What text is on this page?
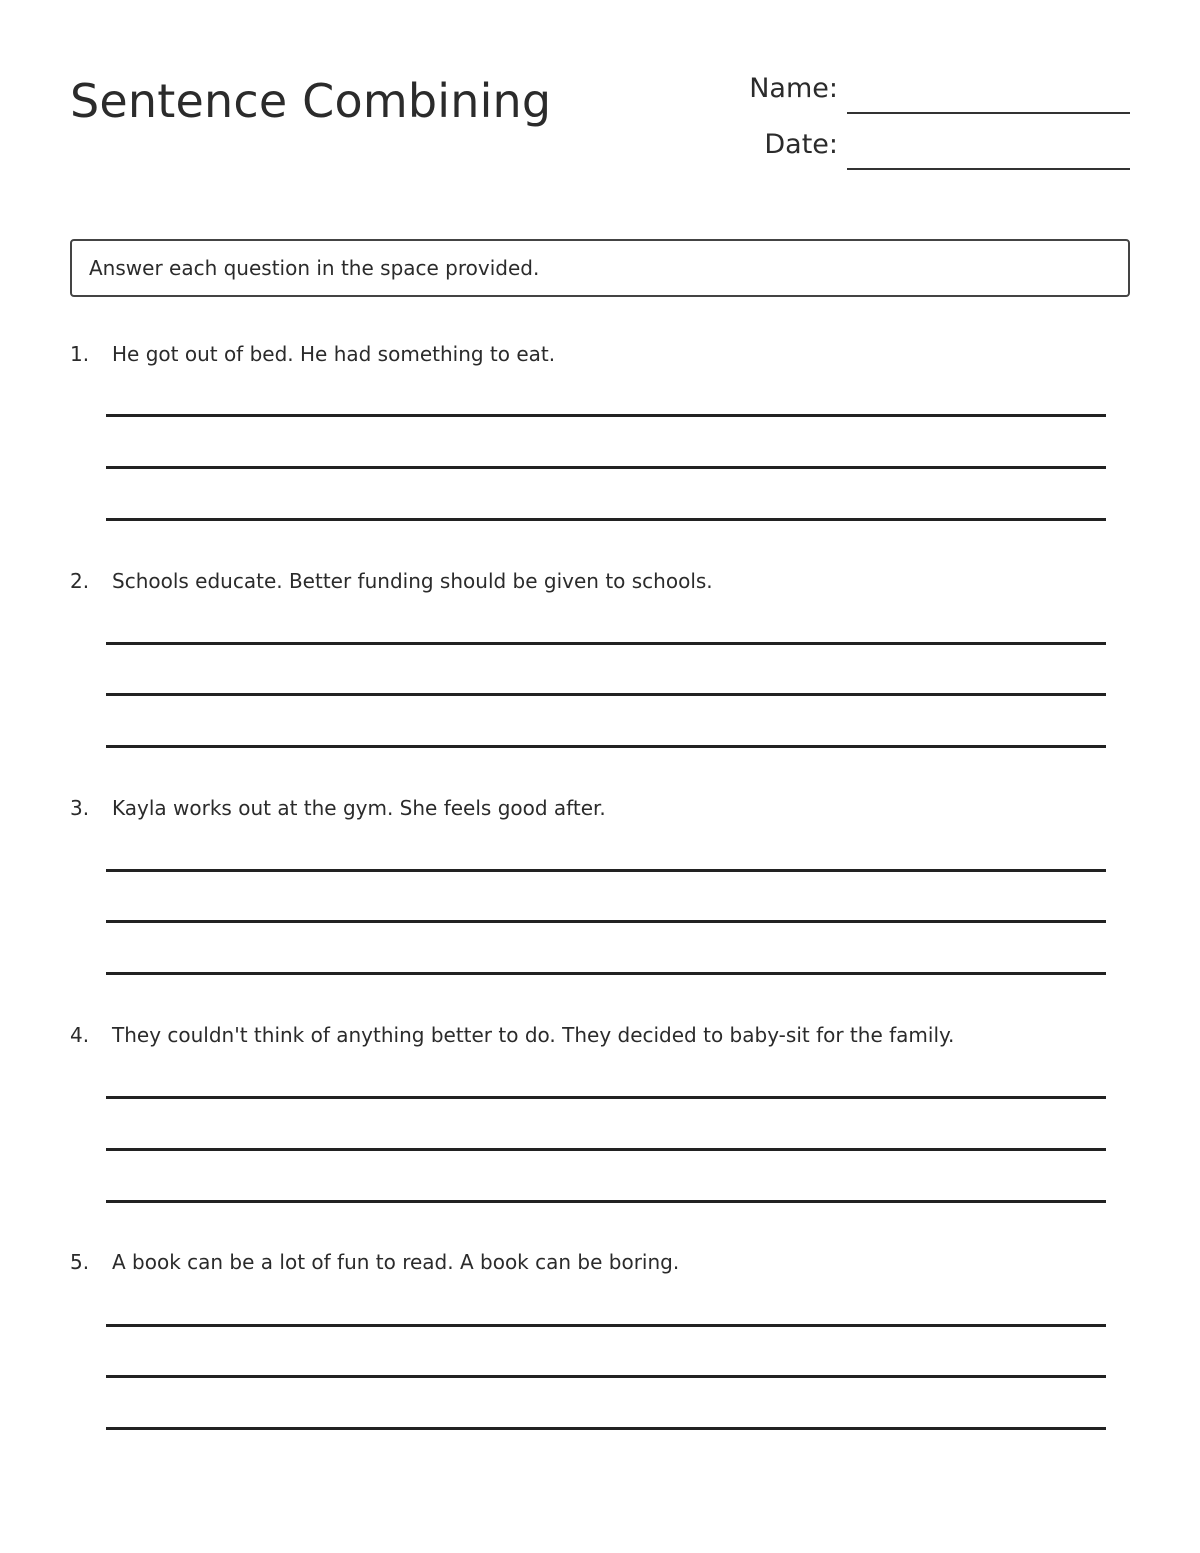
Sentence Combining	Name:
Date:
Answer each question in the space provided.
1. He got out of bed. He had something to eat.
2. Schools educate. Better funding should be given to schools.
3. Kayla works out at the gym. She feels good after.
4. They couldn't think of anything better to do. They decided to baby-sit for the family.
5. A book can be a lot of fun to read. A book can be boring.
